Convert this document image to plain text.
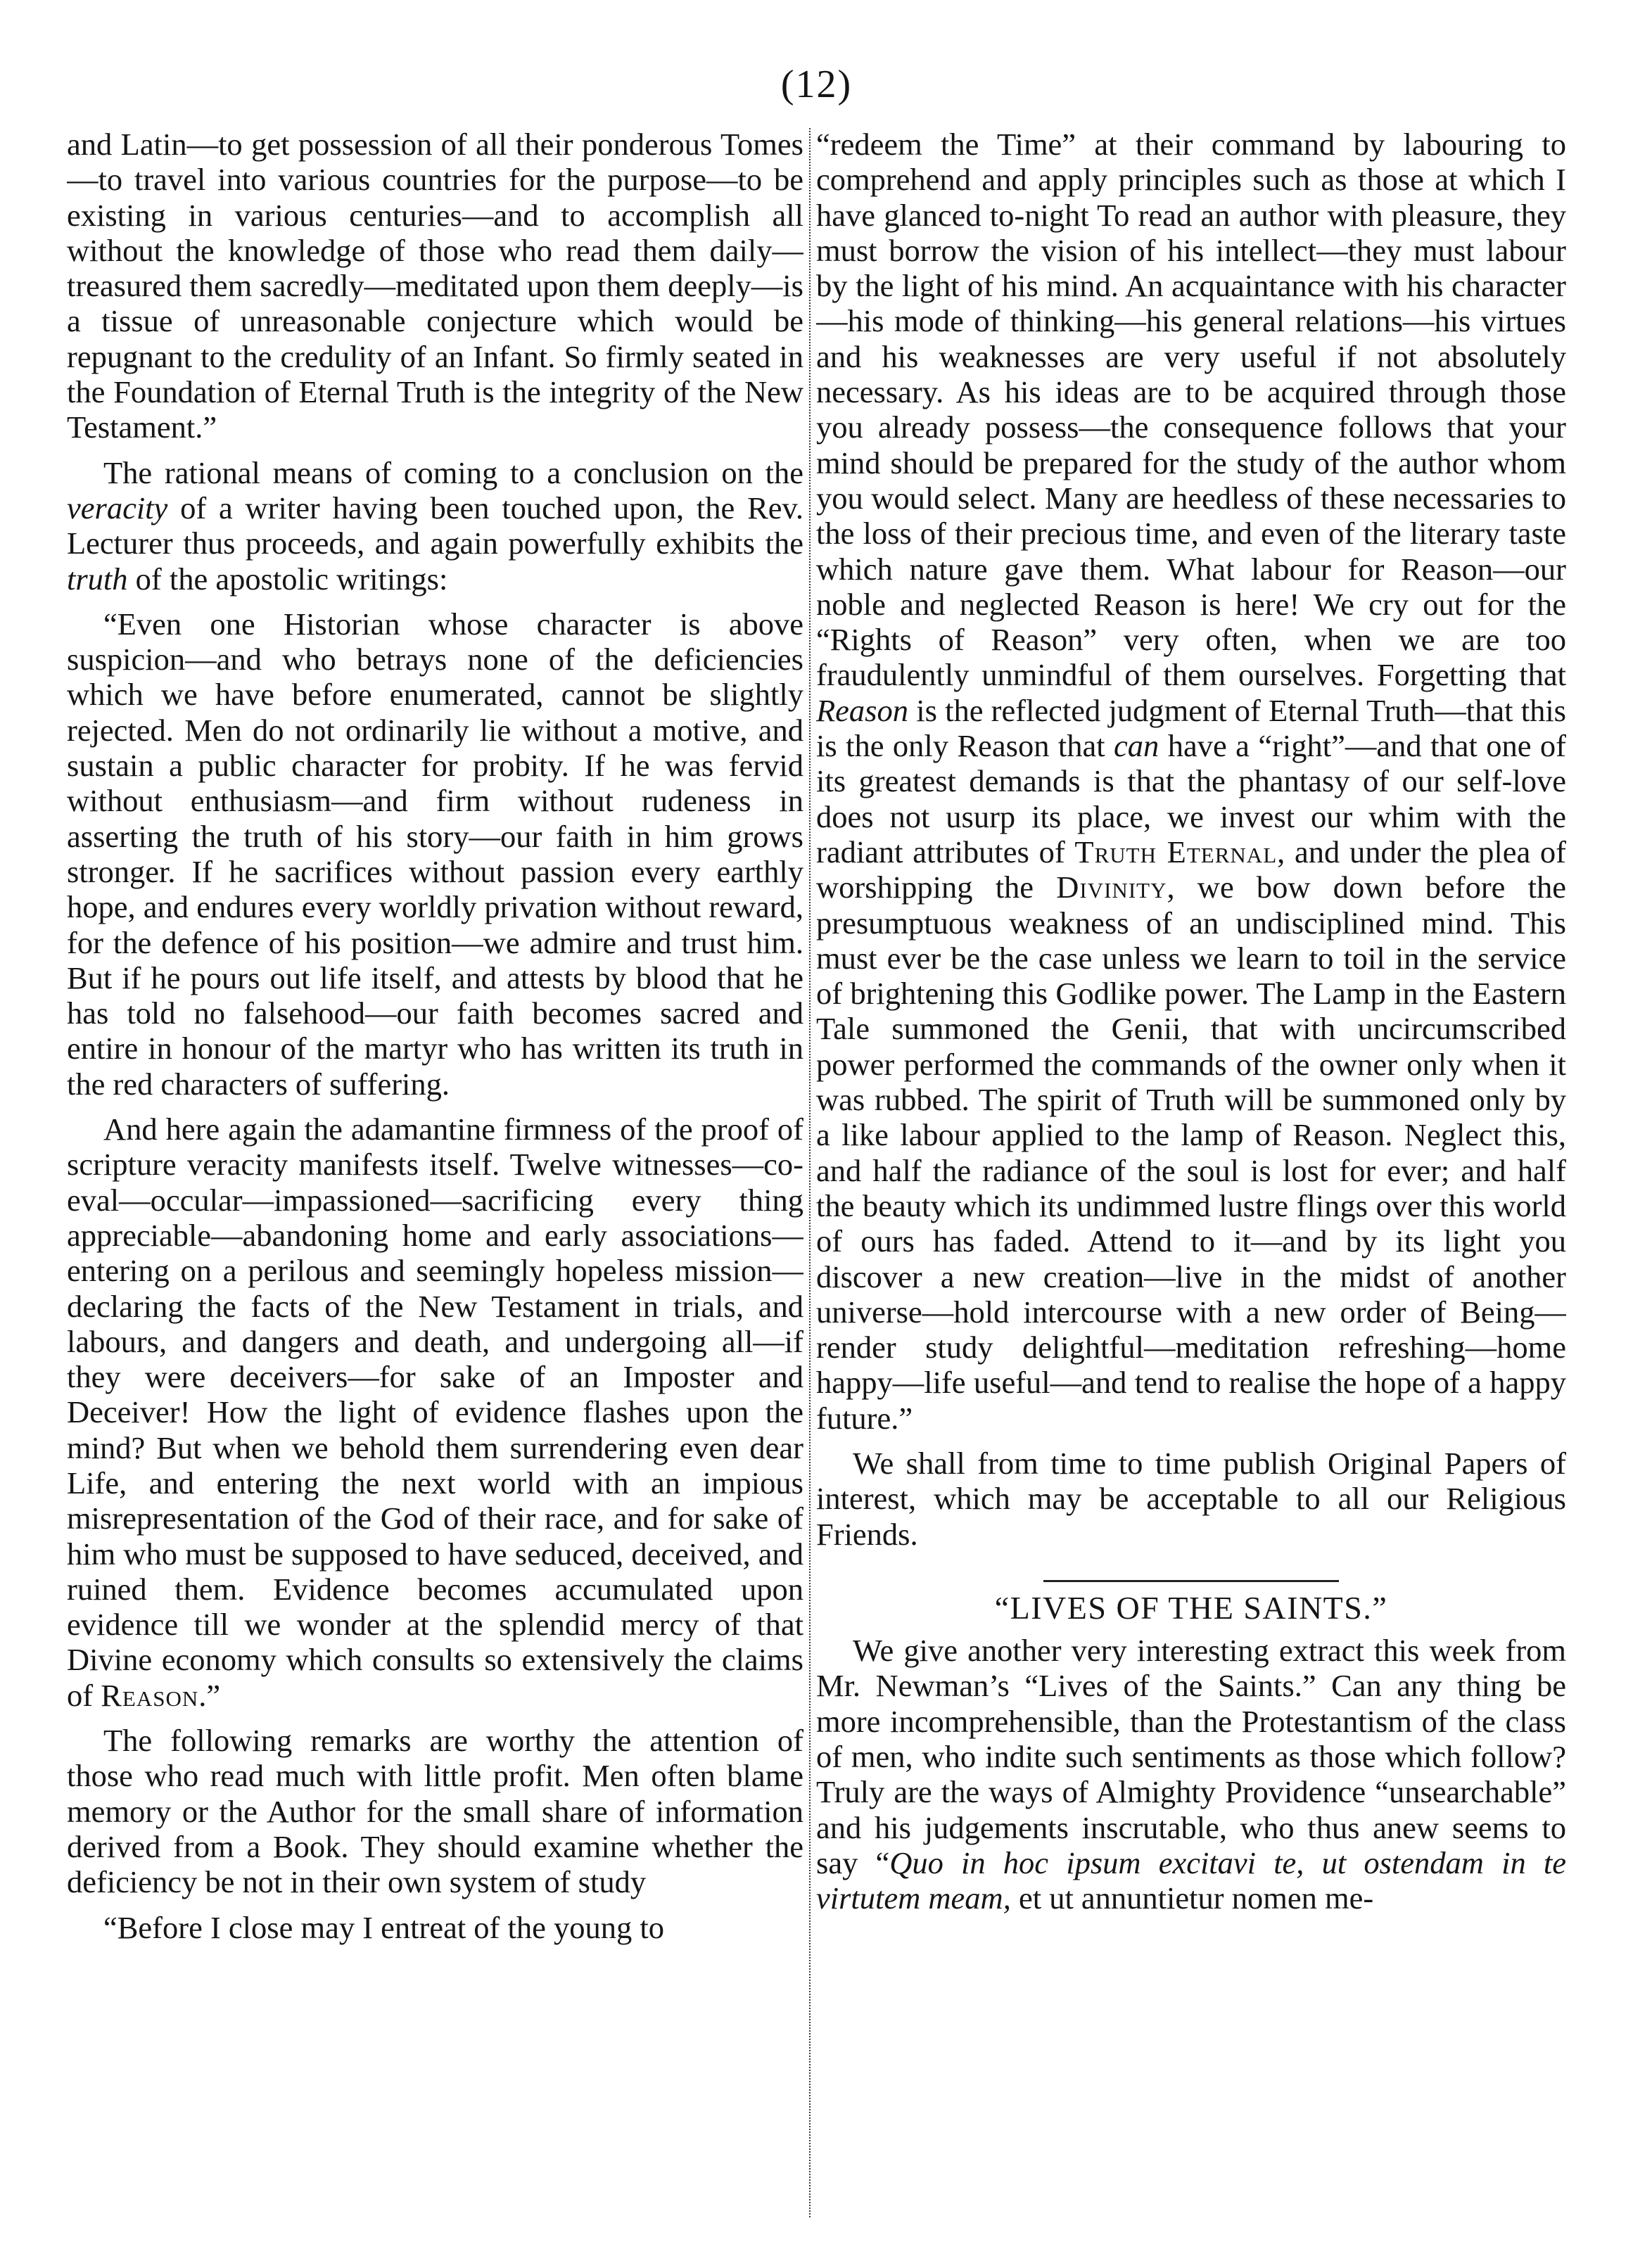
(12)

and Latin—to get possession of all their ponderous Tomes—to travel into various countries for the purpose—to be existing in various centuries—and to accomplish all without the knowledge of those who read them daily—treasured them sacredly—meditated upon them deeply—is a tissue of unreasonable conjecture which would be repugnant to the credulity of an Infant. So firmly seated in the Foundation of Eternal Truth is the integrity of the New Testament.”

The rational means of coming to a conclusion on the veracity of a writer having been touched upon, the Rev. Lecturer thus proceeds, and again powerfully exhibits the truth of the apostolic writings:

“Even one Historian whose character is above suspicion—and who betrays none of the deficiencies which we have before enumerated, cannot be slightly rejected. Men do not ordinarily lie without a motive, and sustain a public character for probity. If he was fervid without enthusiasm—and firm without rudeness in asserting the truth of his story—our faith in him grows stronger. If he sacrifices without passion every earthly hope, and endures every worldly privation without reward, for the defence of his position—we admire and trust him. But if he pours out life itself, and attests by blood that he has told no falsehood—our faith becomes sacred and entire in honour of the martyr who has written its truth in the red characters of suffering.

And here again the adamantine firmness of the proof of scripture veracity manifests itself. Twelve witnesses—co-eval—occular—impassioned—sacrificing every thing appreciable—abandoning home and early associations—entering on a perilous and seemingly hopeless mission—declaring the facts of the New Testament in trials, and labours, and dangers and death, and undergoing all—if they were deceivers—for sake of an Imposter and Deceiver! How the light of evidence flashes upon the mind? But when we behold them surrendering even dear Life, and entering the next world with an impious misrepresentation of the God of their race, and for sake of him who must be supposed to have seduced, deceived, and ruined them. Evidence becomes accumulated upon evidence till we wonder at the splendid mercy of that Divine economy which consults so extensively the claims of Reason.”

The following remarks are worthy the attention of those who read much with little profit. Men often blame memory or the Author for the small share of information derived from a Book. They should examine whether the deficiency be not in their own system of study

“Before I close may I entreat of the young to

“redeem the Time” at their command by labouring to comprehend and apply principles such as those at which I have glanced to-night To read an author with pleasure, they must borrow the vision of his intellect—they must labour by the light of his mind. An acquaintance with his character—his mode of thinking—his general relations—his virtues and his weaknesses are very useful if not absolutely necessary. As his ideas are to be acquired through those you already possess—the consequence follows that your mind should be prepared for the study of the author whom you would select. Many are heedless of these necessaries to the loss of their precious time, and even of the literary taste which nature gave them. What labour for Reason—our noble and neglected Reason is here! We cry out for the “Rights of Reason” very often, when we are too fraudulently unmindful of them ourselves. Forgetting that Reason is the reflected judgment of Eternal Truth—that this is the only Reason that can have a “right”—and that one of its greatest demands is that the phantasy of our self-love does not usurp its place, we invest our whim with the radiant attributes of Truth Eternal, and under the plea of worshipping the Divinity, we bow down before the presumptuous weakness of an undisciplined mind. This must ever be the case unless we learn to toil in the service of brightening this Godlike power. The Lamp in the Eastern Tale summoned the Genii, that with uncircumscribed power performed the commands of the owner only when it was rubbed. The spirit of Truth will be summoned only by a like labour applied to the lamp of Reason. Neglect this, and half the radiance of the soul is lost for ever; and half the beauty which its undimmed lustre flings over this world of ours has faded. Attend to it—and by its light you discover a new creation—live in the midst of another universe—hold intercourse with a new order of Being—render study delightful—meditation refreshing—home happy—life useful—and tend to realise the hope of a happy future.”

We shall from time to time publish Original Papers of interest, which may be acceptable to all our Religious Friends.

“LIVES OF THE SAINTS.”

We give another very interesting extract this week from Mr. Newman’s “Lives of the Saints.” Can any thing be more incomprehensible, than the Protestantism of the class of men, who indite such sentiments as those which follow? Truly are the ways of Almighty Providence “unsearchable” and his judgements inscrutable, who thus anew seems to say “Quo in hoc ipsum excitavi te, ut ostendam in te virtutem meam, et ut annuntietur nomen me-
